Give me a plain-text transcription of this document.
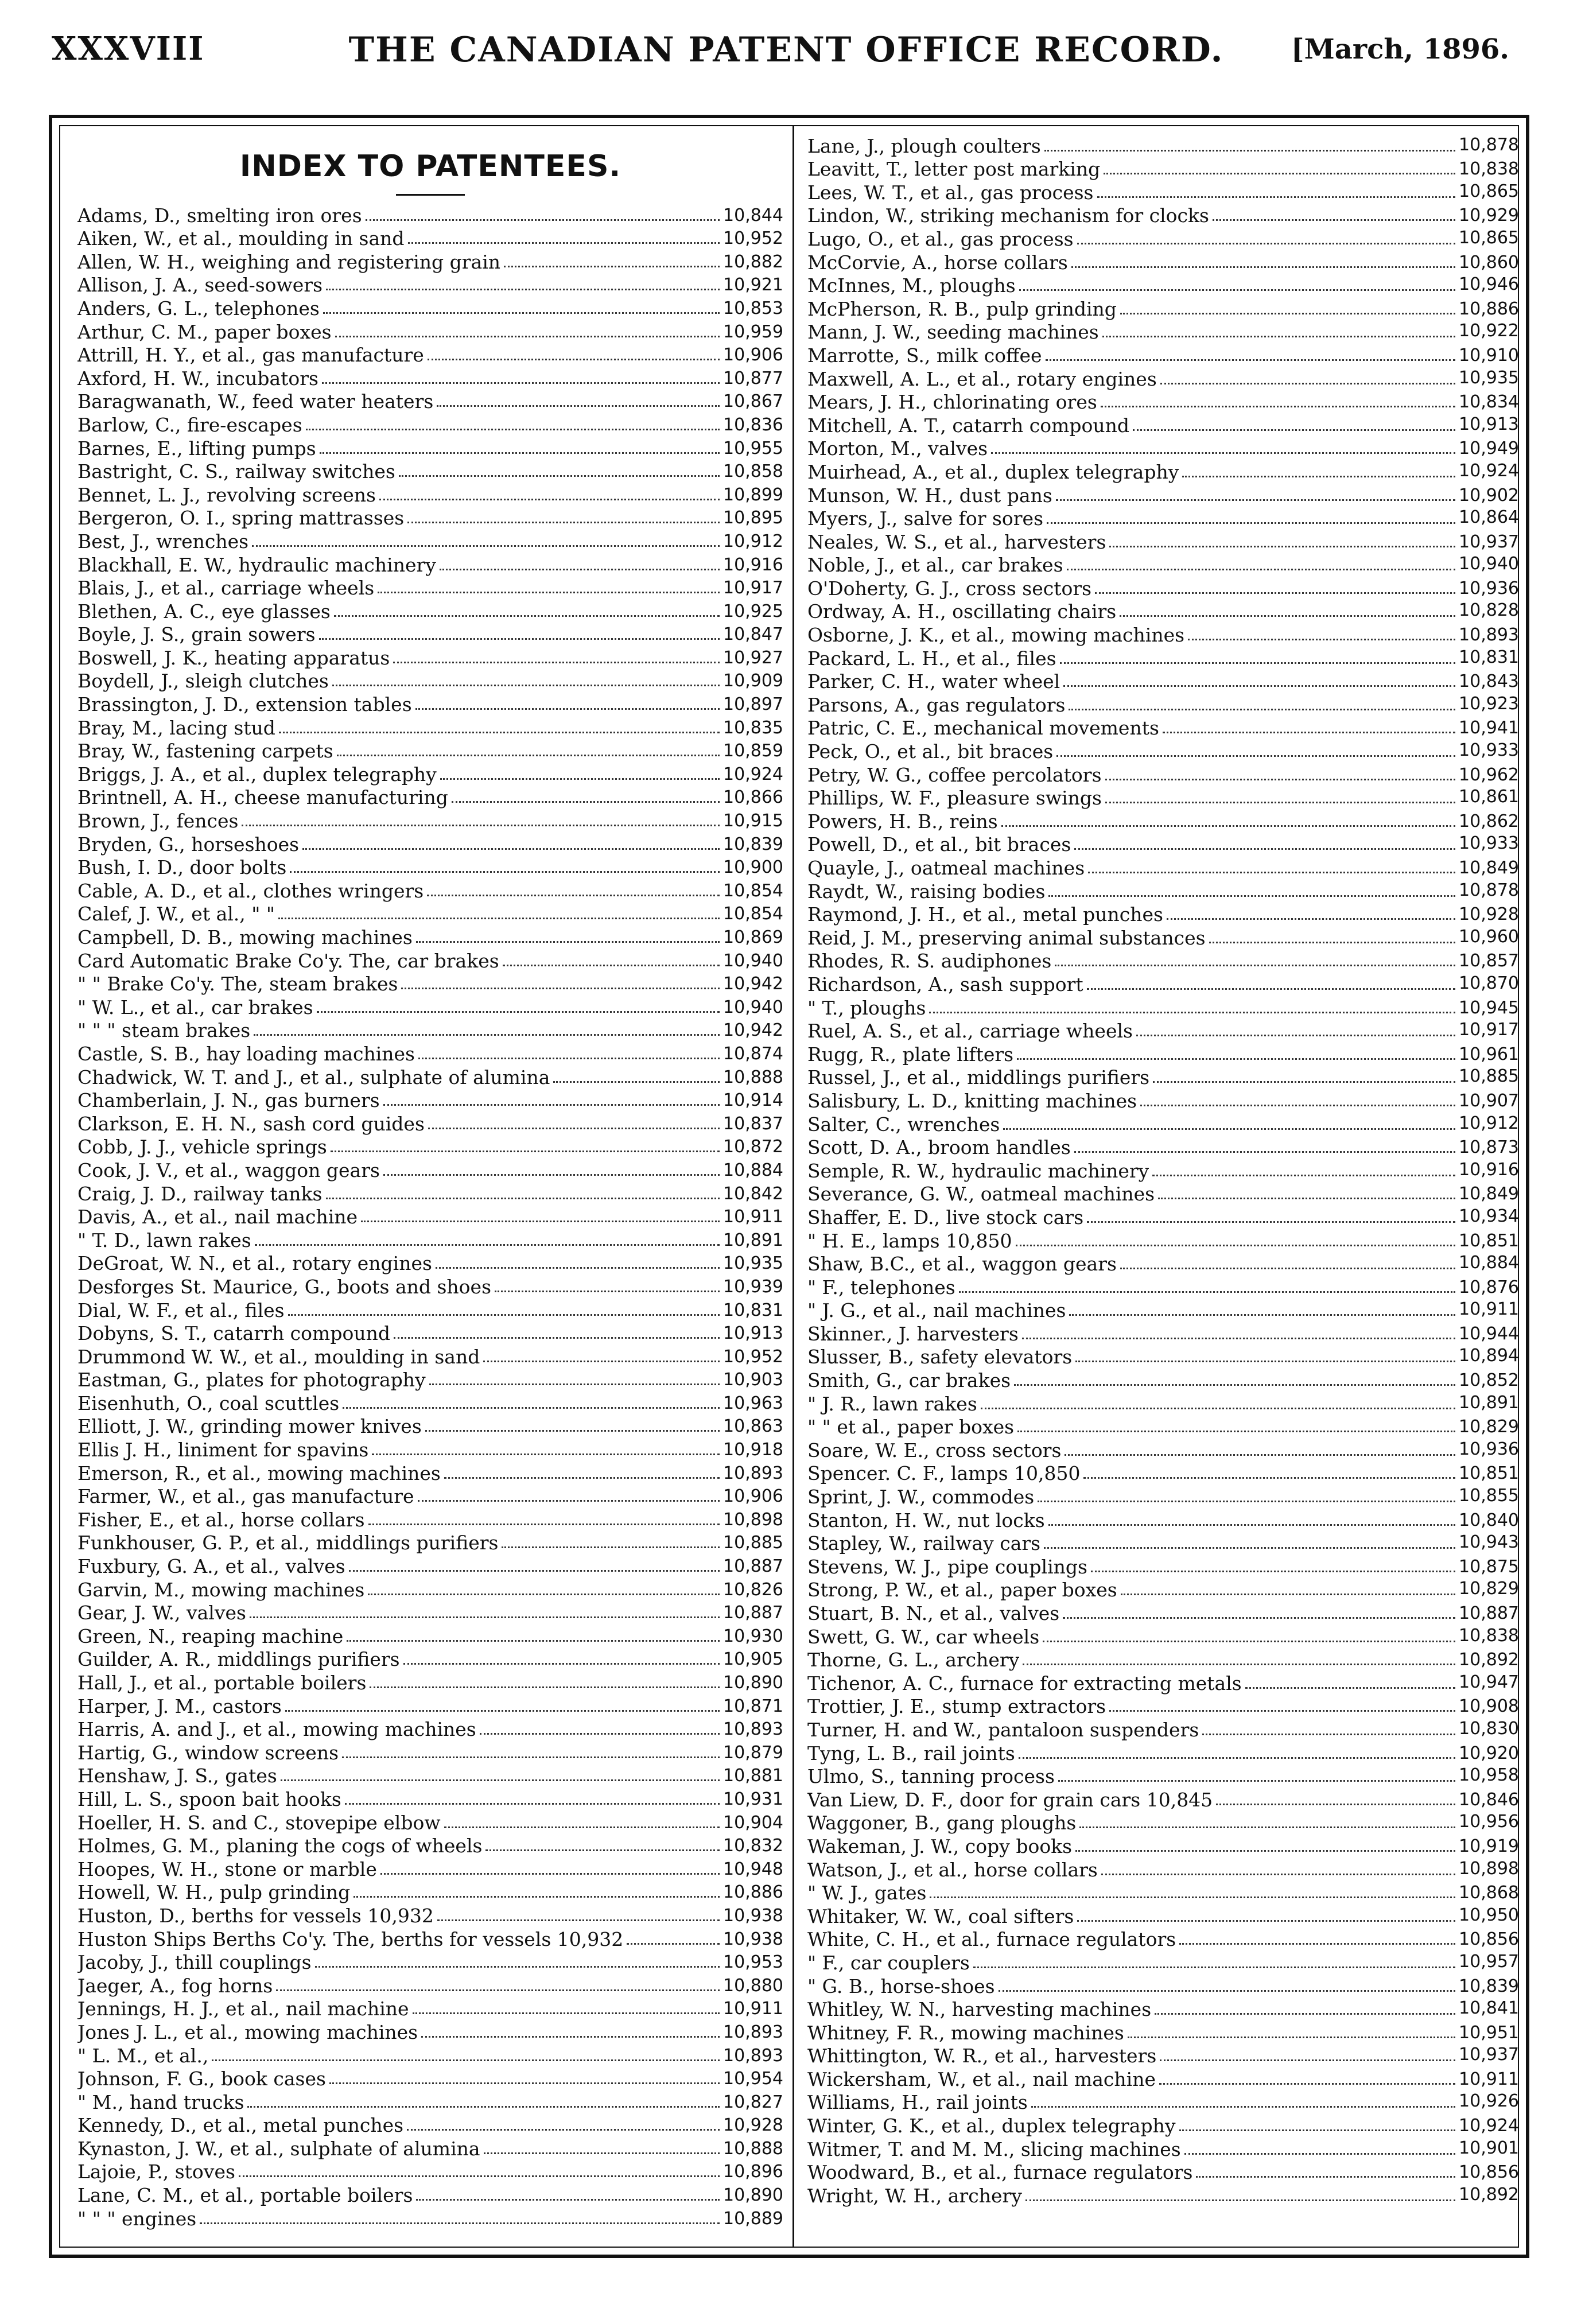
XXXVIII	THE CANADIAN PATENT OFFICE RECORD.	[March, 1896.
INDEX TO PATENTEES.
Adams, D., smelting iron ores	10,844
Aiken, W., et al., moulding in sand	10,952
Allen, W. H., weighing and registering grain	10,882
Allison, J. A., seed-sowers	10,921
Anders, G. L., telephones	10,853
Arthur, C. M., paper boxes	10,959
Attrill, H. Y., et al., gas manufacture	10,906
Axford, H. W., incubators	10,877
Baragwanath, W., feed water heaters	10,867
Barlow, C., fire-escapes	10,836
Barnes, E., lifting pumps	10,955
Bastright, C. S., railway switches	10,858
Bennet, L. J., revolving screens	10,899
Bergeron, O. I., spring mattrasses	10,895
Best, J., wrenches	10,912
Blackhall, E. W., hydraulic machinery	10,916
Blais, J., et al., carriage wheels	10,917
Blethen, A. C., eye glasses	10,925
Boyle, J. S., grain sowers	10,847
Boswell, J. K., heating apparatus	10,927
Boydell, J., sleigh clutches	10,909
Brassington, J. D., extension tables	10,897
Bray, M., lacing stud	10,835
Bray, W., fastening carpets	10,859
Briggs, J. A., et al., duplex telegraphy	10,924
Brintnell, A. H., cheese manufacturing	10,866
Brown, J., fences	10,915
Bryden, G., horseshoes	10,839
Bush, I. D., door bolts	10,900
Cable, A. D., et al., clothes wringers	10,854
Calef, J. W., et al., " "	10,854
Campbell, D. B., mowing machines	10,869
Card Automatic Brake Co'y. The, car brakes	10,940
" " Brake Co'y. The, steam brakes	10,942
" W. L., et al., car brakes	10,940
" " " steam brakes	10,942
Castle, S. B., hay loading machines	10,874
Chadwick, W. T. and J., et al., sulphate of alumina	10,888
Chamberlain, J. N., gas burners	10,914
Clarkson, E. H. N., sash cord guides	10,837
Cobb, J. J., vehicle springs	10,872
Cook, J. V., et al., waggon gears	10,884
Craig, J. D., railway tanks	10,842
Davis, A., et al., nail machine	10,911
" T. D., lawn rakes	10,891
DeGroat, W. N., et al., rotary engines	10,935
Desforges St. Maurice, G., boots and shoes	10,939
Dial, W. F., et al., files	10,831
Dobyns, S. T., catarrh compound	10,913
Drummond W. W., et al., moulding in sand	10,952
Eastman, G., plates for photography	10,903
Eisenhuth, O., coal scuttles	10,963
Elliott, J. W., grinding mower knives	10,863
Ellis J. H., liniment for spavins	10,918
Emerson, R., et al., mowing machines	10,893
Farmer, W., et al., gas manufacture	10,906
Fisher, E., et al., horse collars	10,898
Funkhouser, G. P., et al., middlings purifiers	10,885
Fuxbury, G. A., et al., valves	10,887
Garvin, M., mowing machines	10,826
Gear, J. W., valves	10,887
Green, N., reaping machine	10,930
Guilder, A. R., middlings purifiers	10,905
Hall, J., et al., portable boilers	10,890
Harper, J. M., castors	10,871
Harris, A. and J., et al., mowing machines	10,893
Hartig, G., window screens	10,879
Henshaw, J. S., gates	10,881
Hill, L. S., spoon bait hooks	10,931
Hoeller, H. S. and C., stovepipe elbow	10,904
Holmes, G. M., planing the cogs of wheels	10,832
Hoopes, W. H., stone or marble	10,948
Howell, W. H., pulp grinding	10,886
Huston, D., berths for vessels 10,932	10,938
Huston Ships Berths Co'y. The, berths for vessels 10,932	10,938
Jacoby, J., thill couplings	10,953
Jaeger, A., fog horns	10,880
Jennings, H. J., et al., nail machine	10,911
Jones J. L., et al., mowing machines	10,893
" L. M., et al.,	10,893
Johnson, F. G., book cases	10,954
" M., hand trucks	10,827
Kennedy, D., et al., metal punches	10,928
Kynaston, J. W., et al., sulphate of alumina	10,888
Lajoie, P., stoves	10,896
Lane, C. M., et al., portable boilers	10,890
" " " engines	10,889
Lane, J., plough coulters	10,878
Leavitt, T., letter post marking	10,838
Lees, W. T., et al., gas process	10,865
Lindon, W., striking mechanism for clocks	10,929
Lugo, O., et al., gas process	10,865
McCorvie, A., horse collars	10,860
McInnes, M., ploughs	10,946
McPherson, R. B., pulp grinding	10,886
Mann, J. W., seeding machines	10,922
Marrotte, S., milk coffee	10,910
Maxwell, A. L., et al., rotary engines	10,935
Mears, J. H., chlorinating ores	10,834
Mitchell, A. T., catarrh compound	10,913
Morton, M., valves	10,949
Muirhead, A., et al., duplex telegraphy	10,924
Munson, W. H., dust pans	10,902
Myers, J., salve for sores	10,864
Neales, W. S., et al., harvesters	10,937
Noble, J., et al., car brakes	10,940
O'Doherty, G. J., cross sectors	10,936
Ordway, A. H., oscillating chairs	10,828
Osborne, J. K., et al., mowing machines	10,893
Packard, L. H., et al., files	10,831
Parker, C. H., water wheel	10,843
Parsons, A., gas regulators	10,923
Patric, C. E., mechanical movements	10,941
Peck, O., et al., bit braces	10,933
Petry, W. G., coffee percolators	10,962
Phillips, W. F., pleasure swings	10,861
Powers, H. B., reins	10,862
Powell, D., et al., bit braces	10,933
Quayle, J., oatmeal machines	10,849
Raydt, W., raising bodies	10,878
Raymond, J. H., et al., metal punches	10,928
Reid, J. M., preserving animal substances	10,960
Rhodes, R. S. audiphones	10,857
Richardson, A., sash support	10,870
" T., ploughs	10,945
Ruel, A. S., et al., carriage wheels	10,917
Rugg, R., plate lifters	10,961
Russel, J., et al., middlings purifiers	10,885
Salisbury, L. D., knitting machines	10,907
Salter, C., wrenches	10,912
Scott, D. A., broom handles	10,873
Semple, R. W., hydraulic machinery	10,916
Severance, G. W., oatmeal machines	10,849
Shaffer, E. D., live stock cars	10,934
" H. E., lamps 10,850	10,851
Shaw, B.C., et al., waggon gears	10,884
" F., telephones	10,876
" J. G., et al., nail machines	10,911
Skinner., J. harvesters	10,944
Slusser, B., safety elevators	10,894
Smith, G., car brakes	10,852
" J. R., lawn rakes	10,891
" " et al., paper boxes	10,829
Soare, W. E., cross sectors	10,936
Spencer. C. F., lamps 10,850	10,851
Sprint, J. W., commodes	10,855
Stanton, H. W., nut locks	10,840
Stapley, W., railway cars	10,943
Stevens, W. J., pipe couplings	10,875
Strong, P. W., et al., paper boxes	10,829
Stuart, B. N., et al., valves	10,887
Swett, G. W., car wheels	10,838
Thorne, G. L., archery	10,892
Tichenor, A. C., furnace for extracting metals	10,947
Trottier, J. E., stump extractors	10,908
Turner, H. and W., pantaloon suspenders	10,830
Tyng, L. B., rail joints	10,920
Ulmo, S., tanning process	10,958
Van Liew, D. F., door for grain cars 10,845	10,846
Waggoner, B., gang ploughs	10,956
Wakeman, J. W., copy books	10,919
Watson, J., et al., horse collars	10,898
" W. J., gates	10,868
Whitaker, W. W., coal sifters	10,950
White, C. H., et al., furnace regulators	10,856
" F., car couplers	10,957
" G. B., horse-shoes	10,839
Whitley, W. N., harvesting machines	10,841
Whitney, F. R., mowing machines	10,951
Whittington, W. R., et al., harvesters	10,937
Wickersham, W., et al., nail machine	10,911
Williams, H., rail joints	10,926
Winter, G. K., et al., duplex telegraphy	10,924
Witmer, T. and M. M., slicing machines	10,901
Woodward, B., et al., furnace regulators	10,856
Wright, W. H., archery	10,892
